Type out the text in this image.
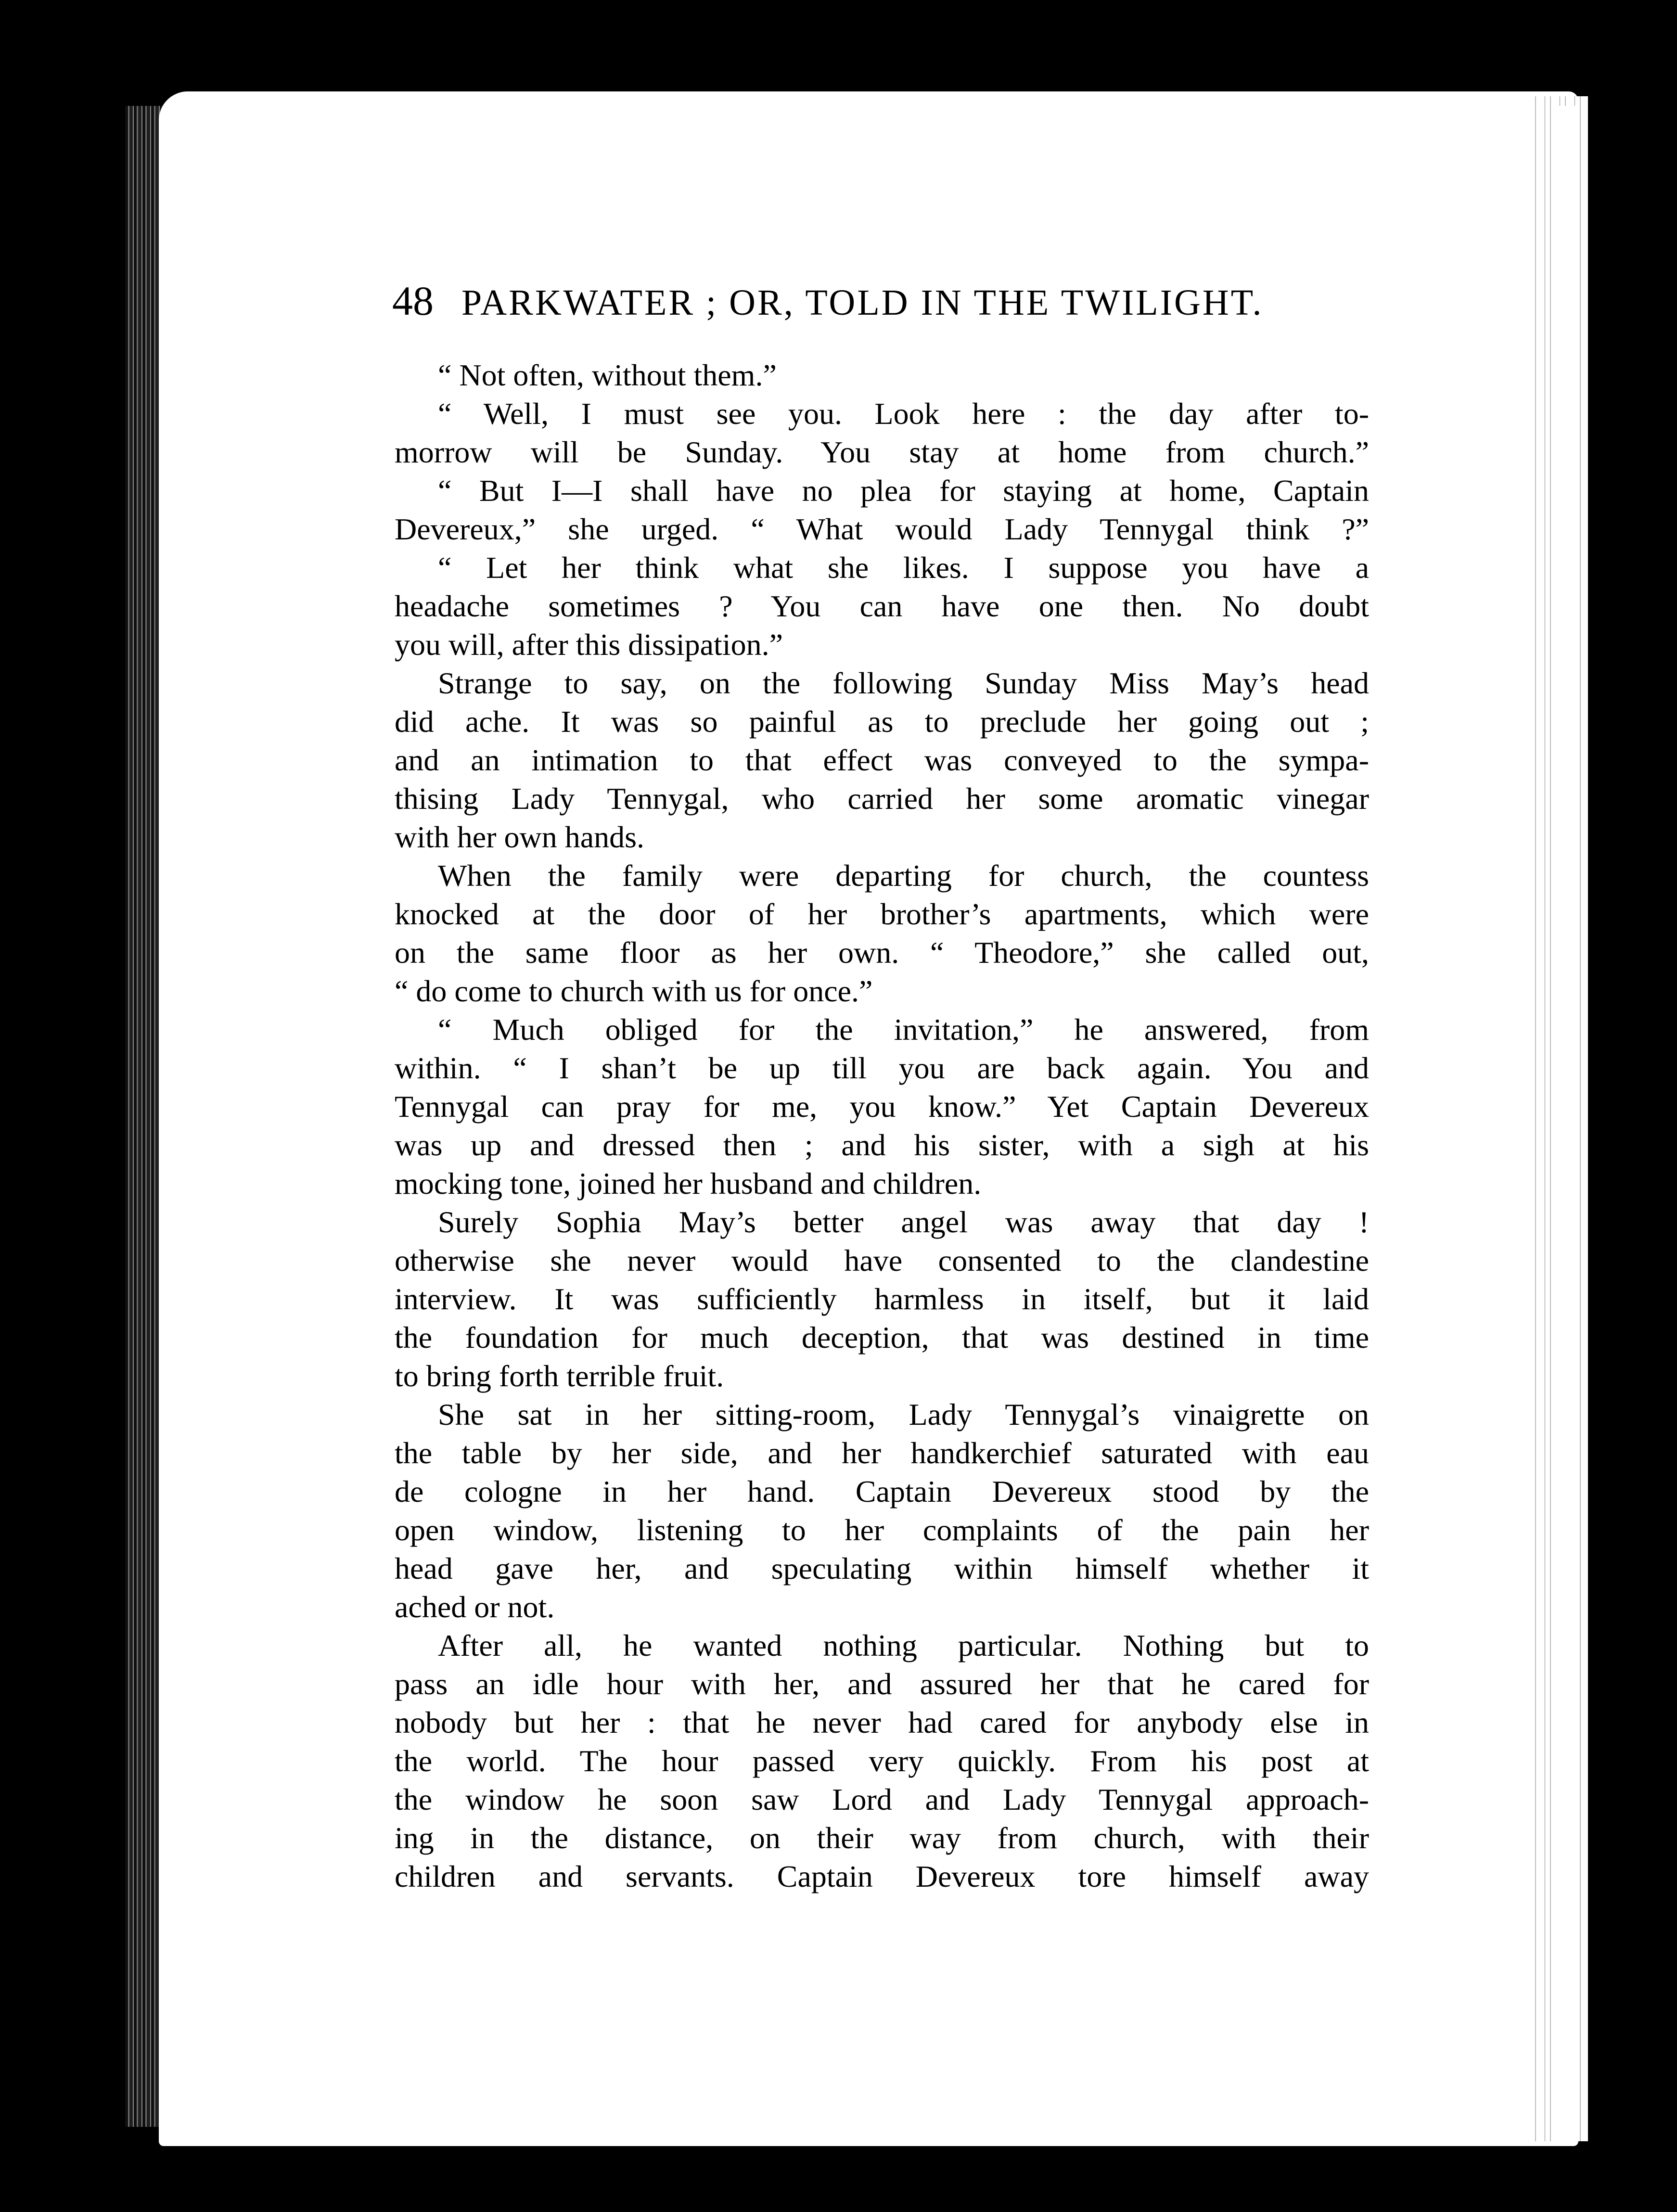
48 PARKWATER ; OR, TOLD IN THE TWILIGHT.
“ Not often, without them.”
“ Well, I must see you. Look here : the day after to-
morrow will be Sunday. You stay at home from church.”
“ But I—I shall have no plea for staying at home, Captain
Devereux,” she urged. “ What would Lady Tennygal think ?”
“ Let her think what she likes. I suppose you have a
headache sometimes ? You can have one then. No doubt
you will, after this dissipation.”
Strange to say, on the following Sunday Miss May’s head
did ache. It was so painful as to preclude her going out ;
and an intimation to that effect was conveyed to the sympa-
thising Lady Tennygal, who carried her some aromatic vinegar
with her own hands.
When the family were departing for church, the countess
knocked at the door of her brother’s apartments, which were
on the same floor as her own. “ Theodore,” she called out,
“ do come to church with us for once.”
“ Much obliged for the invitation,” he answered, from
within. “ I shan’t be up till you are back again. You and
Tennygal can pray for me, you know.” Yet Captain Devereux
was up and dressed then ; and his sister, with a sigh at his
mocking tone, joined her husband and children.
Surely Sophia May’s better angel was away that day !
otherwise she never would have consented to the clandestine
interview. It was sufficiently harmless in itself, but it laid
the foundation for much deception, that was destined in time
to bring forth terrible fruit.
She sat in her sitting-room, Lady Tennygal’s vinaigrette on
the table by her side, and her handkerchief saturated with eau
de cologne in her hand. Captain Devereux stood by the
open window, listening to her complaints of the pain her
head gave her, and speculating within himself whether it
ached or not.
After all, he wanted nothing particular. Nothing but to
pass an idle hour with her, and assured her that he cared for
nobody but her : that he never had cared for anybody else in
the world. The hour passed very quickly. From his post at
the window he soon saw Lord and Lady Tennygal approach-
ing in the distance, on their way from church, with their
children and servants. Captain Devereux tore himself away
